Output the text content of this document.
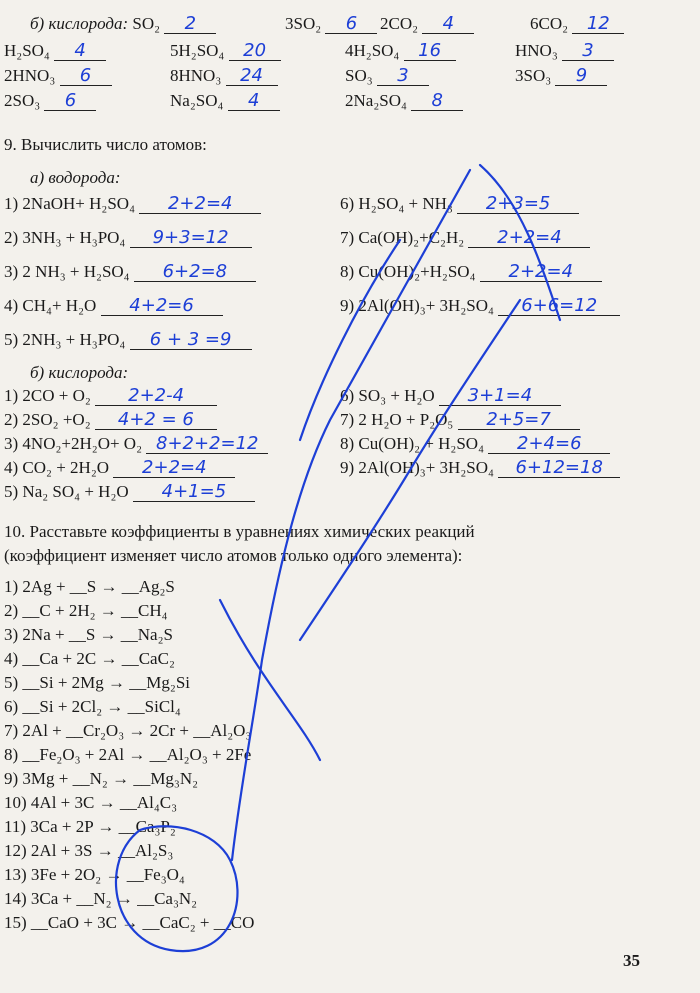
б) кислорода: SO₂ 2	3SO₂ 6	2CO₂ 4	6CO₂ 12
H₂SO₄ 4	5H₂SO₄ 20	4H₂SO₄ 16	HNO₃ 3
2HNO₃ 6	8HNO₃ 24	SO₃ 3	3SO₃ 9
2SO₃ 6	Na₂SO₄ 4	2Na₂SO₄ 8
9. Вычислить число атомов:
а) водорода:
1) 2NaOH+ H₂SO₄ 2+2=4
2) 3NH₃ + H₃PO₄ 9+3=12
3) 2 NH₃ + H₂SO₄ 6+2=8
4) CH₄+ H₂O 4+2=6
5) 2NH₃ + H₃PO₄ 6 + 3 =9
6) H₂SO₄ + NH₃ 2+3=5
7) Ca(OH)₂+C₂H₂ 2+2=4
8) Cu(OH)₂+H₂SO₄ 2+2=4
9) 2Al(OH)₃+ 3H₂SO₄ 6+6=12
б) кислорода:
1) 2CO + O₂ 2+2-4
2) 2SO₂ +O₂ 4+2 = 6
3) 4NO₂+2H₂O+ O₂ 8+2+2=12
4) CO₂ + 2H₂O 2+2=4
5) Na₂ SO₄ + H₂O 4+1=5
6) SO₃ + H₂O 3+1=4
7) 2 H₂O + P₂O₅ 2+5=7
8) Cu(OH)₂ + H₂SO₄ 2+4=6
9) 2Al(OH)₃+ 3H₂SO₄ 6+12=18
10. Расставьте коэффициенты в уравнениях химических реакций
(коэффициент изменяет число атомов только одного элемента):
1) 2Ag + __S → __Ag₂S
2) __C + 2H₂ → __CH₄
3) 2Na + __S → __Na₂S
4) __Ca + 2C → __CaC₂
5) __Si + 2Mg → __Mg₂Si
6) __Si + 2Cl₂ → __SiCl₄
7) 2Al + __Cr₂O₃ → 2Cr + __Al₂O₃
8) __Fe₂O₃ + 2Al → __Al₂O₃ + 2Fe
9) 3Mg + __N₂ → __Mg₃N₂
10) 4Al + 3C → __Al₄C₃
11) 3Ca + 2P → __Ca₃P₂
12) 2Al + 3S → __Al₂S₃
13) 3Fe + 2O₂ → __Fe₃O₄
14) 3Ca + __N₂ → __Ca₃N₂
15) __CaO + 3C → __CaC₂ + __CO
35
